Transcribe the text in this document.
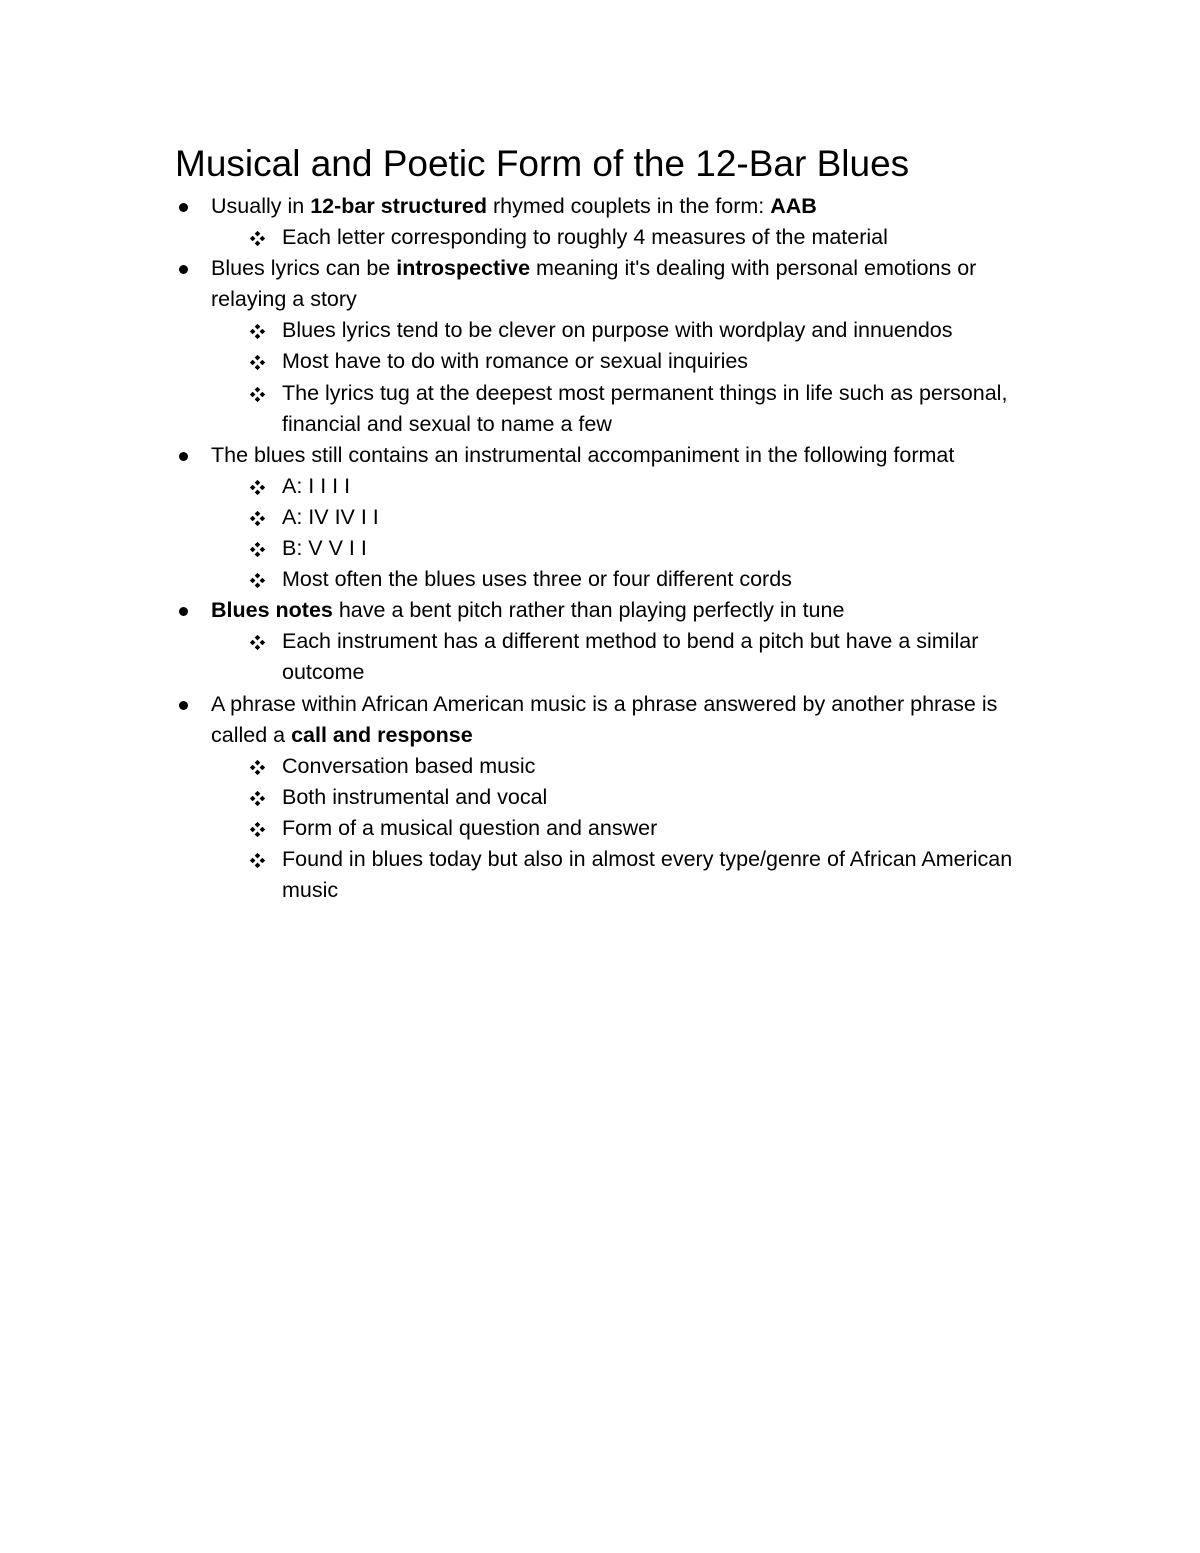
Musical and Poetic Form of the 12-Bar Blues
Usually in 12-bar structured rhymed couplets in the form: AAB
Each letter corresponding to roughly 4 measures of the material
Blues lyrics can be introspective meaning it's dealing with personal emotions or relaying a story
Blues lyrics tend to be clever on purpose with wordplay and innuendos
Most have to do with romance or sexual inquiries
The lyrics tug at the deepest most permanent things in life such as personal, financial and sexual to name a few
The blues still contains an instrumental accompaniment in the following format
A: I I I I
A: IV IV I I
B: V V I I
Most often the blues uses three or four different cords
Blues notes have a bent pitch rather than playing perfectly in tune
Each instrument has a different method to bend a pitch but have a similar outcome
A phrase within African American music is a phrase answered by another phrase is called a call and response
Conversation based music
Both instrumental and vocal
Form of a musical question and answer
Found in blues today but also in almost every type/genre of African American music
